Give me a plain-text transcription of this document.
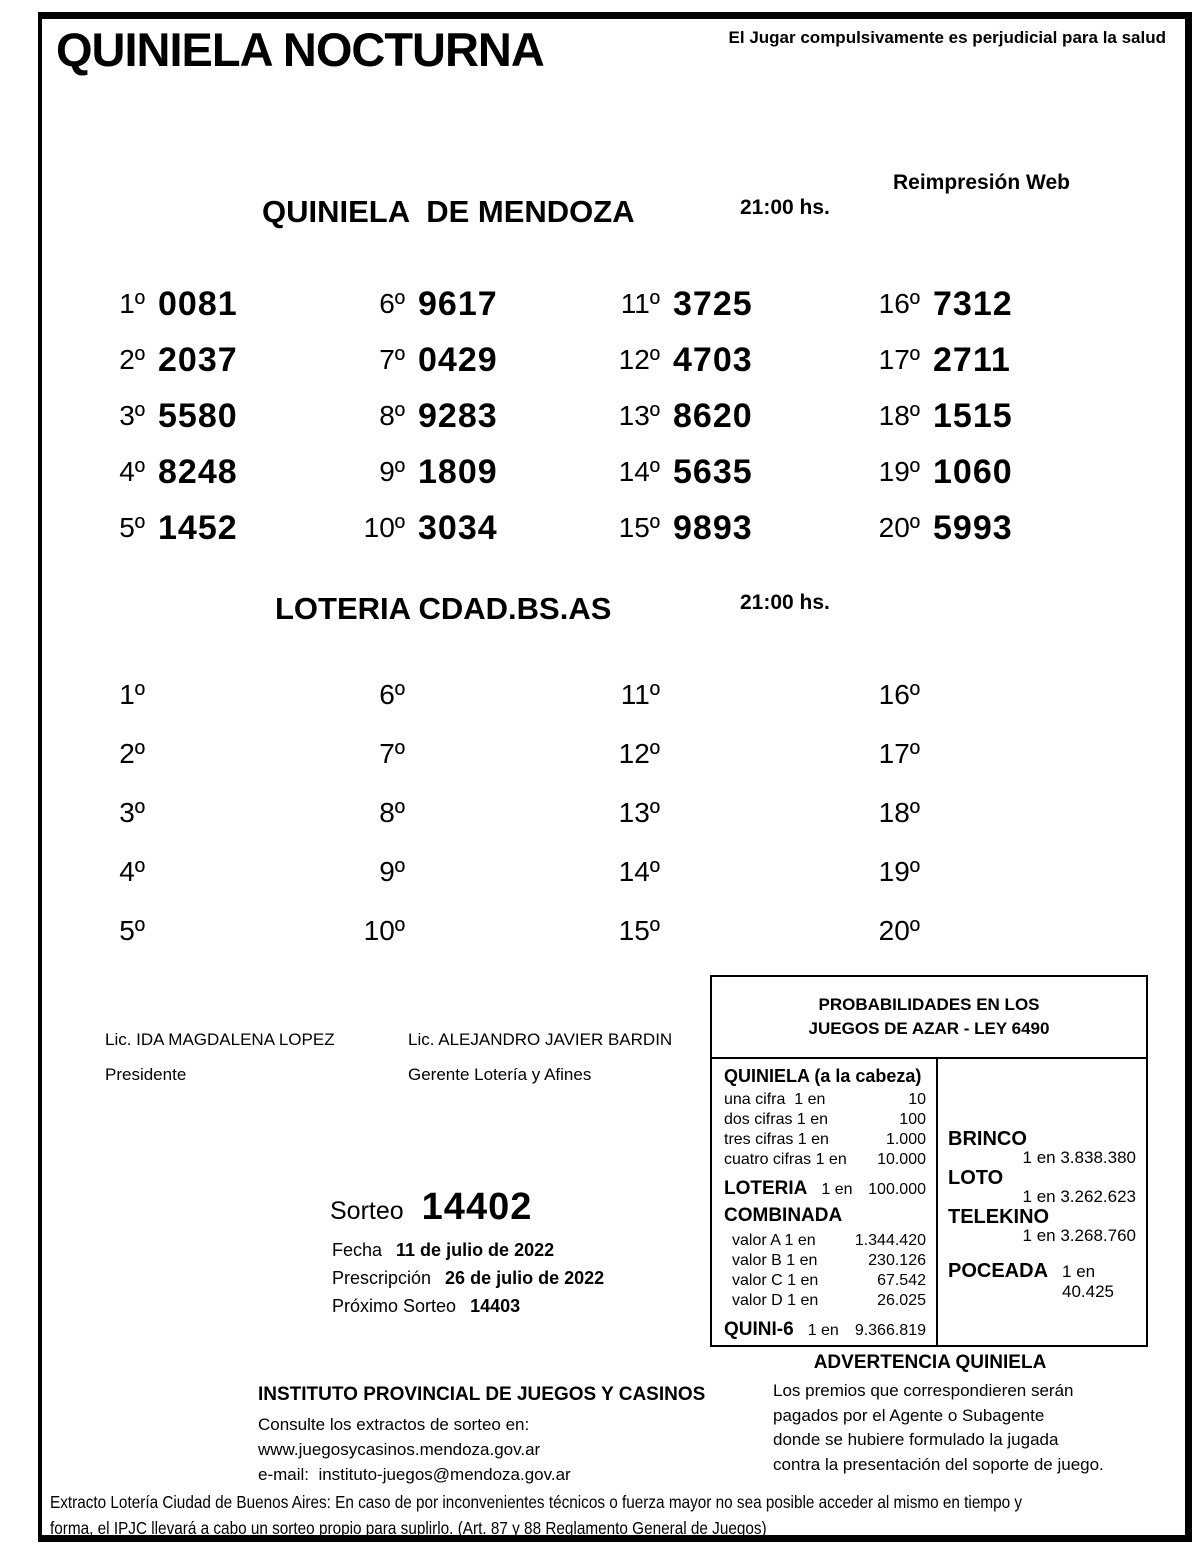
QUINIELA NOCTURNA	El Jugar compulsivamente es perjudicial para la salud
Reimpresión Web
QUINIELA  DE MENDOZA	21:00 hs.
1º 0081
2º 2037
3º 5580
4º 8248
5º 1452
6º 9617
7º 0429
8º 9283
9º 1809
10º 3034
11º 3725
12º 4703
13º 8620
14º 5635
15º 9893
16º 7312
17º 2711
18º 1515
19º 1060
20º 5993
LOTERIA CDAD.BS.AS	21:00 hs.
1º
2º
3º
4º
5º
6º
7º
8º
9º
10º
11º
12º
13º
14º
15º
16º
17º
18º
19º
20º
Lic. IDA MAGDALENA LOPEZ
Presidente
Lic. ALEJANDRO JAVIER BARDIN
Gerente Lotería y Afines
Sorteo 14402
Fecha 11 de julio de 2022
Prescripción 26 de julio de 2022
Próximo Sorteo 14403
PROBABILIDADES EN LOS
JUEGOS DE AZAR - LEY 6490
QUINIELA (a la cabeza)
una cifra  1 en	10
dos cifras 1 en	100
tres cifras 1 en	1.000
cuatro cifras 1 en	10.000
LOTERIA 1 en 100.000
COMBINADA
valor A 1 en	1.344.420
valor B 1 en	230.126
valor C 1 en	67.542
valor D 1 en	26.025
QUINI-6 1 en 9.366.819
BRINCO
1 en 3.838.380
LOTO
1 en 3.262.623
TELEKINO
1 en 3.268.760
POCEADA 1 en 40.425
ADVERTENCIA QUINIELA
Los premios que correspondieren serán
pagados por el Agente o Subagente
donde se hubiere formulado la jugada
contra la presentación del soporte de juego.
INSTITUTO PROVINCIAL DE JUEGOS Y CASINOS
Consulte los extractos de sorteo en:
www.juegosycasinos.mendoza.gov.ar
e-mail:  instituto-juegos@mendoza.gov.ar
Extracto Lotería Ciudad de Buenos Aires: En caso de por inconvenientes técnicos o fuerza mayor no sea posible acceder al mismo en tiempo y
forma, el IPJC llevará a cabo un sorteo propio para suplirlo. (Art. 87 y 88 Reglamento General de Juegos)
